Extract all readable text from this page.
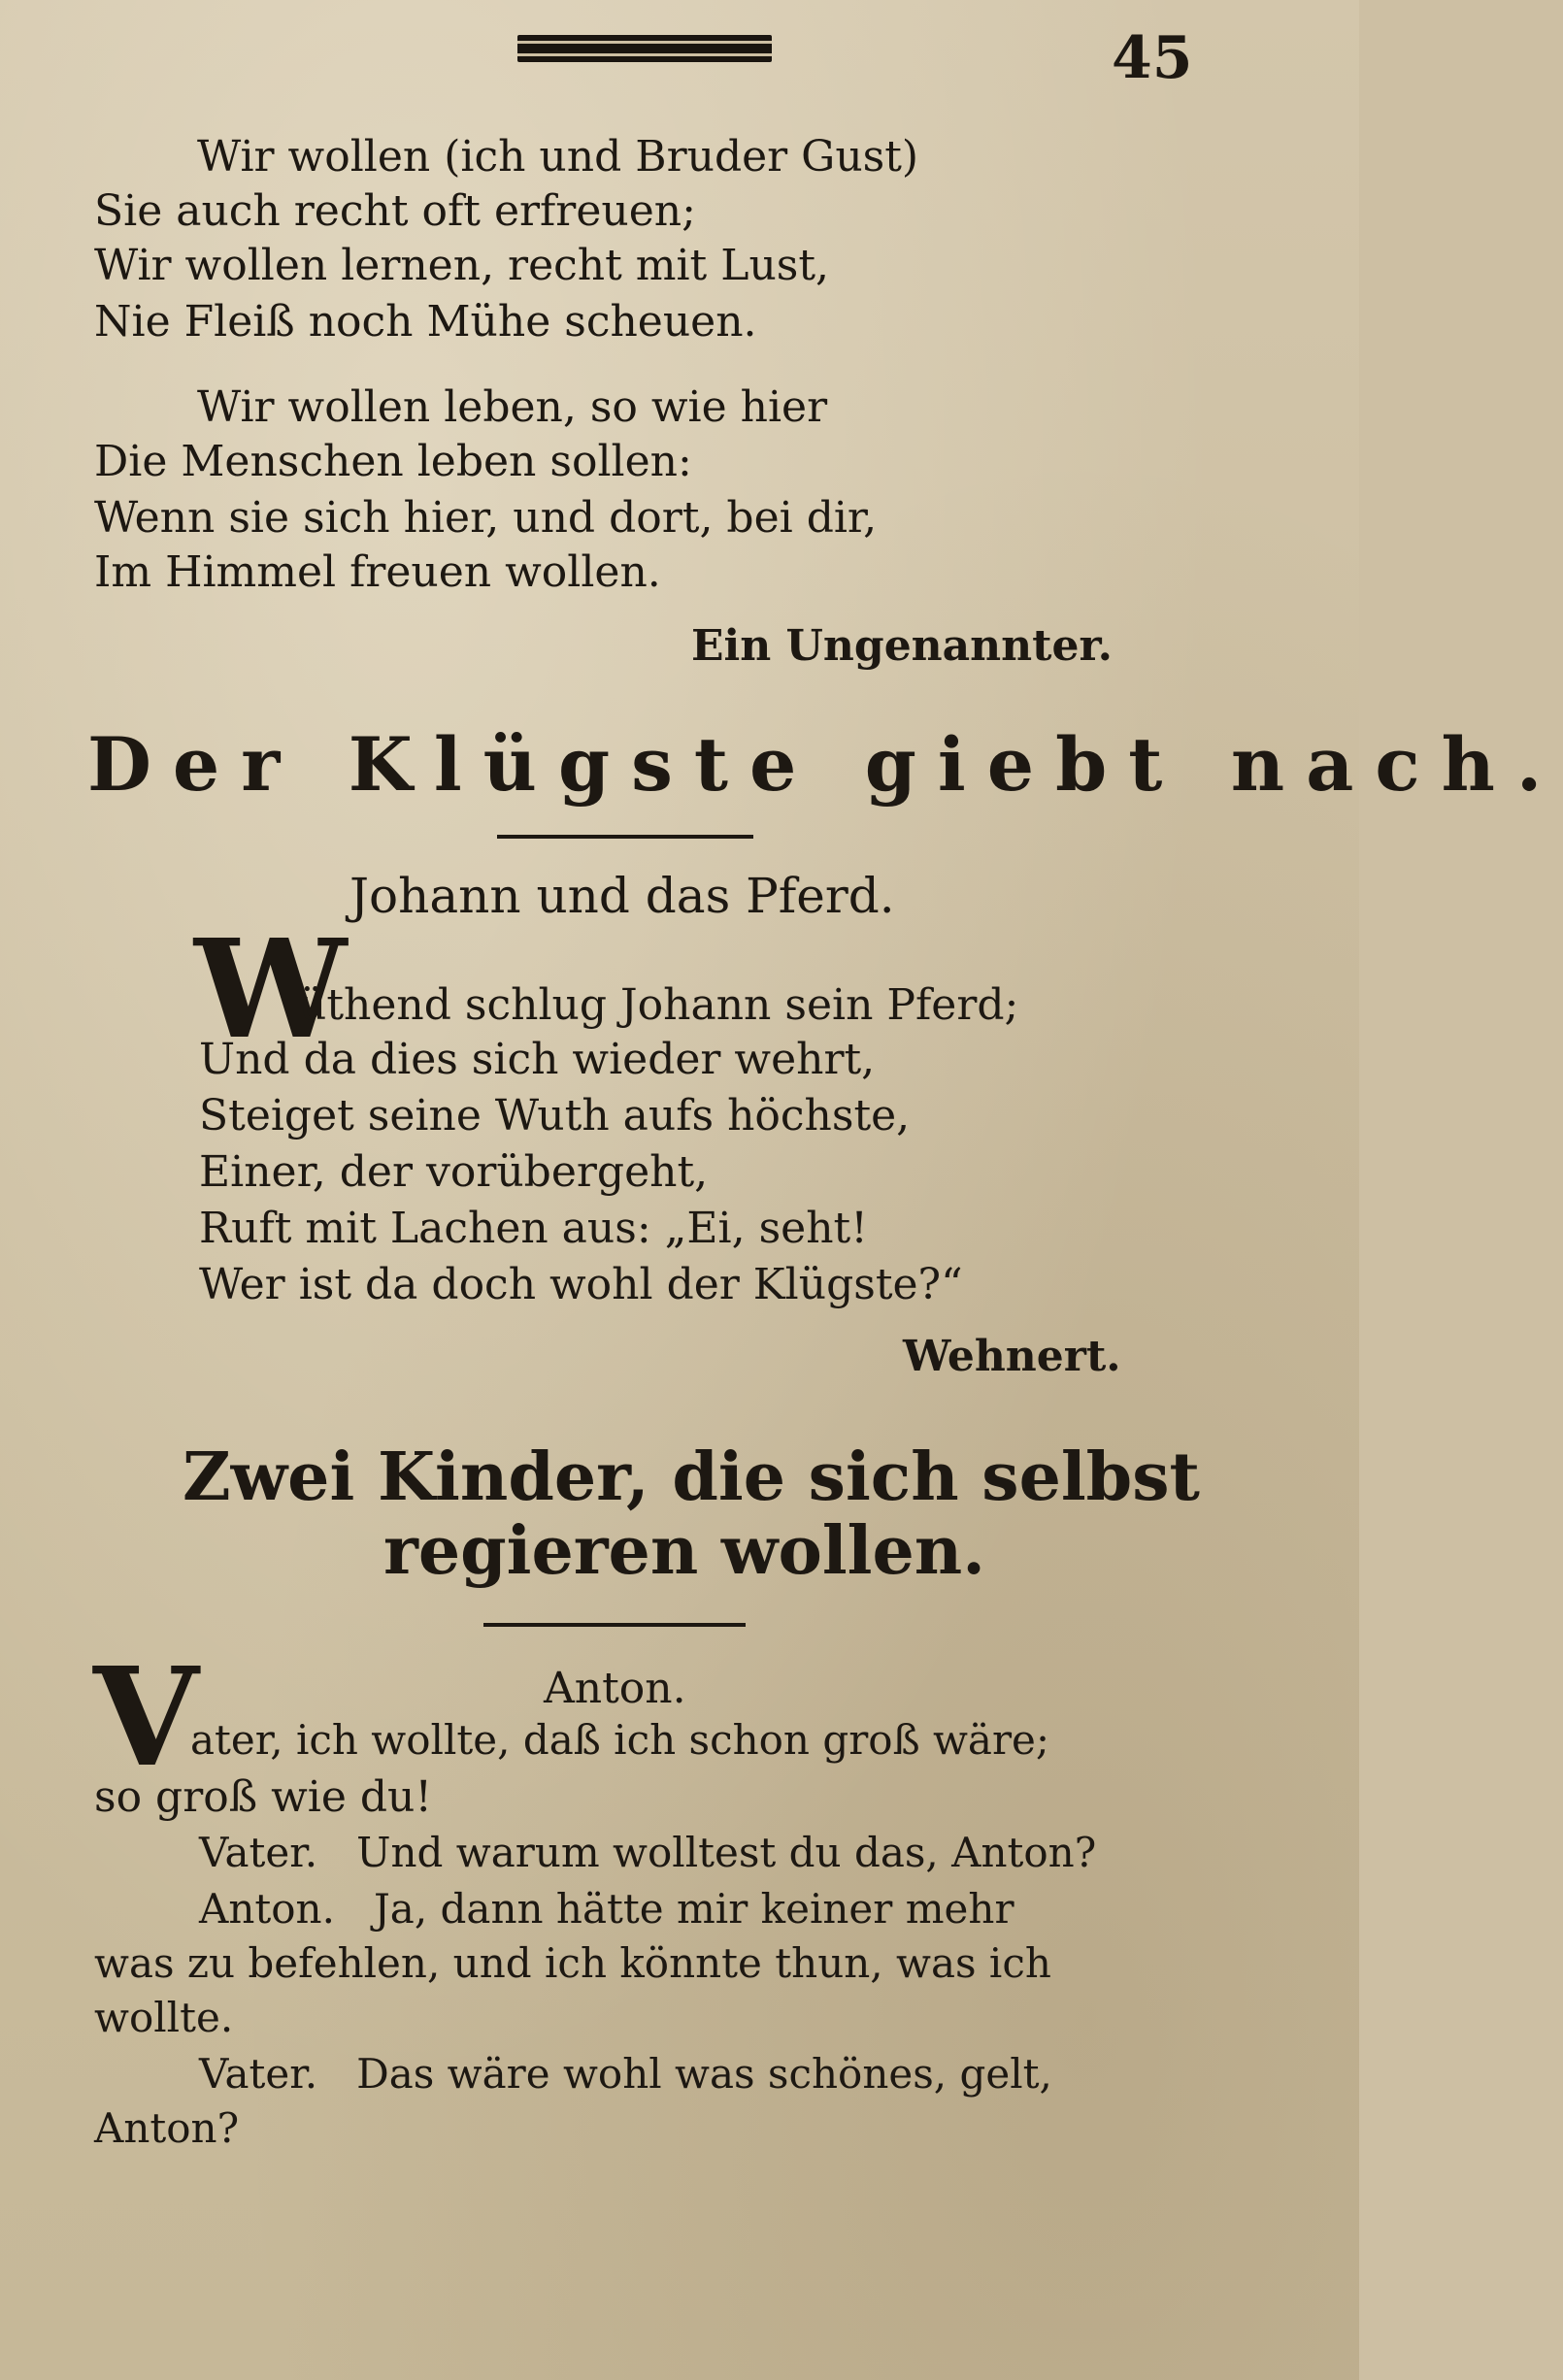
45
Wir wollen (ich und Bruder Gust)
Sie auch recht oft erfreuen;
Wir wollen lernen, recht mit Lust,
Nie Fleiß noch Mühe scheuen.
Wir wollen leben, so wie hier
Die Menschen leben sollen:
Wenn sie sich hier, und dort, bei dir,
Im Himmel freuen wollen.
Ein Ungenannter.
Der Klügste giebt nach.
Johann und das Pferd.
W
üthend schlug Johann sein Pferd;
Und da dies sich wieder wehrt,
Steiget seine Wuth aufs höchste,
Einer, der vorübergeht,
Ruft mit Lachen aus: „Ei, seht!
Wer ist da doch wohl der Klügste?“
Wehnert.
Zwei Kinder, die sich selbst
regieren wollen.
V	Anton.
ater, ich wollte, daß ich schon groß wäre;
so groß wie du!
Vater. Und warum wolltest du das, Anton?
Anton. Ja, dann hätte mir keiner mehr
was zu befehlen, und ich könnte thun, was ich
wollte.
Vater. Das wäre wohl was schönes, gelt,
Anton?
